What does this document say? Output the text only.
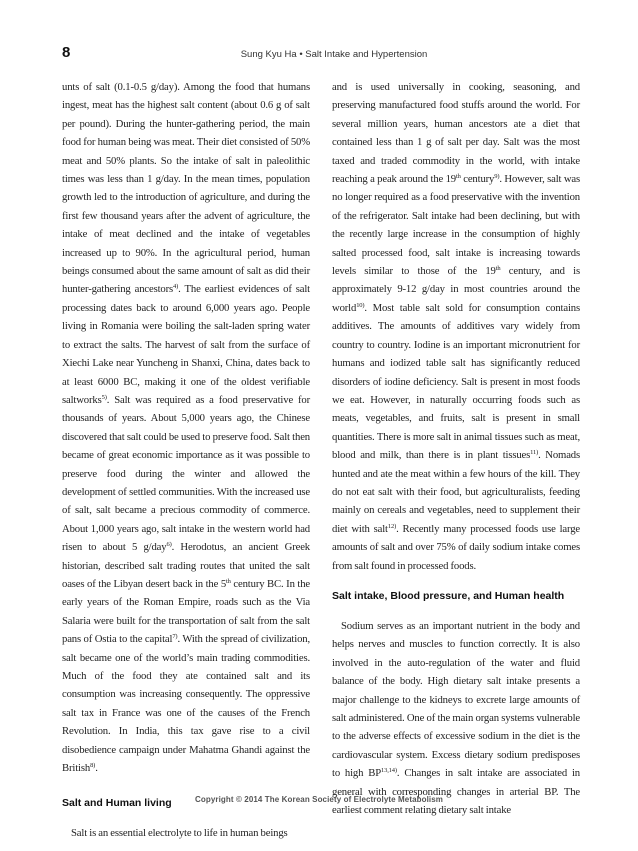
8	Sung Kyu Ha • Salt Intake and Hypertension

unts of salt (0.1-0.5 g/day). Among the food that humans ingest, meat has the highest salt content (about 0.6 g of salt per pound). During the hunter-gathering period, the main food for human being was meat. Their diet consisted of 50% meat and 50% plants. So the intake of salt in paleolithic times was less than 1 g/day. In the mean times, population growth led to the introduction of agriculture, and during the first few thousand years after the advent of agriculture, the intake of meat declined and the intake of vegetables increased up to 90%. In the agricultural period, human beings consumed about the same amount of salt as did their hunter-gathering ancestors$^{4)}$. The earliest evidences of salt processing dates back to around 6,000 years ago. People living in Romania were boiling the salt-laden spring water to extract the salts. The harvest of salt from the surface of Xiechi Lake near Yuncheng in Shanxi, China, dates back to at least 6000 BC, making it one of the oldest verifiable saltworks$^{5)}$. Salt was required as a food preservative for thousands of years. About 5,000 years ago, the Chinese discovered that salt could be used to preserve food. Salt then became of great economic importance as it was possible to preserve food during the winter and allowed the development of settled communities. With the increased use of salt, salt became a precious commodity of commerce. About 1,000 years ago, salt intake in the western world had risen to about 5 g/day$^{6)}$. Herodotus, an ancient Greek historian, described salt trading routes that united the salt oases of the Libyan desert back in the 5th century BC. In the early years of the Roman Empire, roads such as the Via Salaria were built for the transportation of salt from the salt pans of Ostia to the capital$^{7)}$. With the spread of civilization, salt became one of the world’s main trading commodities. Much of the food they ate contained salt and its consumption was increasing consequently. The oppressive salt tax in France was one of the causes of the French Revolution. In India, this tax gave rise to a civil disobedience campaign under Mahatma Ghandi against the British$^{8)}$.

Salt and Human living

Salt is an essential electrolyte to life in human beings

and is used universally in cooking, seasoning, and preserving manufactured food stuffs around the world. For several million years, human ancestors ate a diet that contained less than 1 g of salt per day. Salt was the most taxed and traded commodity in the world, with intake reaching a peak around the 19th century$^{9)}$. However, salt was no longer required as a food preservative with the invention of the refrigerator. Salt intake had been declining, but with the recently large increase in the consumption of highly salted processed food, salt intake is increasing towards levels similar to those of the 19th century, and is approximately 9-12 g/day in most countries around the world$^{10)}$. Most table salt sold for consumption contains additives. The amounts of additives vary widely from country to country. Iodine is an important micronutrient for humans and iodized table salt has significantly reduced disorders of iodine deficiency. Salt is present in most foods we eat. However, in naturally occurring foods such as meats, vegetables, and fruits, salt is present in small quantities. There is more salt in animal tissues such as meat, blood and milk, than there is in plant tissues$^{11)}$. Nomads hunted and ate the meat within a few hours of the kill. They do not eat salt with their food, but agriculturalists, feeding mainly on cereals and vegetables, need to supplement their diet with salt$^{12)}$. Recently many processed foods use large amounts of salt and over 75% of daily sodium intake comes from salt found in processed foods.

Salt intake, Blood pressure, and Human health

Sodium serves as an important nutrient in the body and helps nerves and muscles to function correctly. It is also involved in the auto-regulation of the water and fluid balance of the body. High dietary salt intake presents a major challenge to the kidneys to excrete large amounts of salt administered. One of the main organ systems vulnerable to the adverse effects of excessive sodium in the diet is the cardiovascular system. Excess dietary sodium predisposes to high BP$^{13,14)}$. Changes in salt intake are associated in general with corresponding changes in arterial BP. The earliest comment relating dietary salt intake

Copyright © 2014 The Korean Society of Electrolyte Metabolism
